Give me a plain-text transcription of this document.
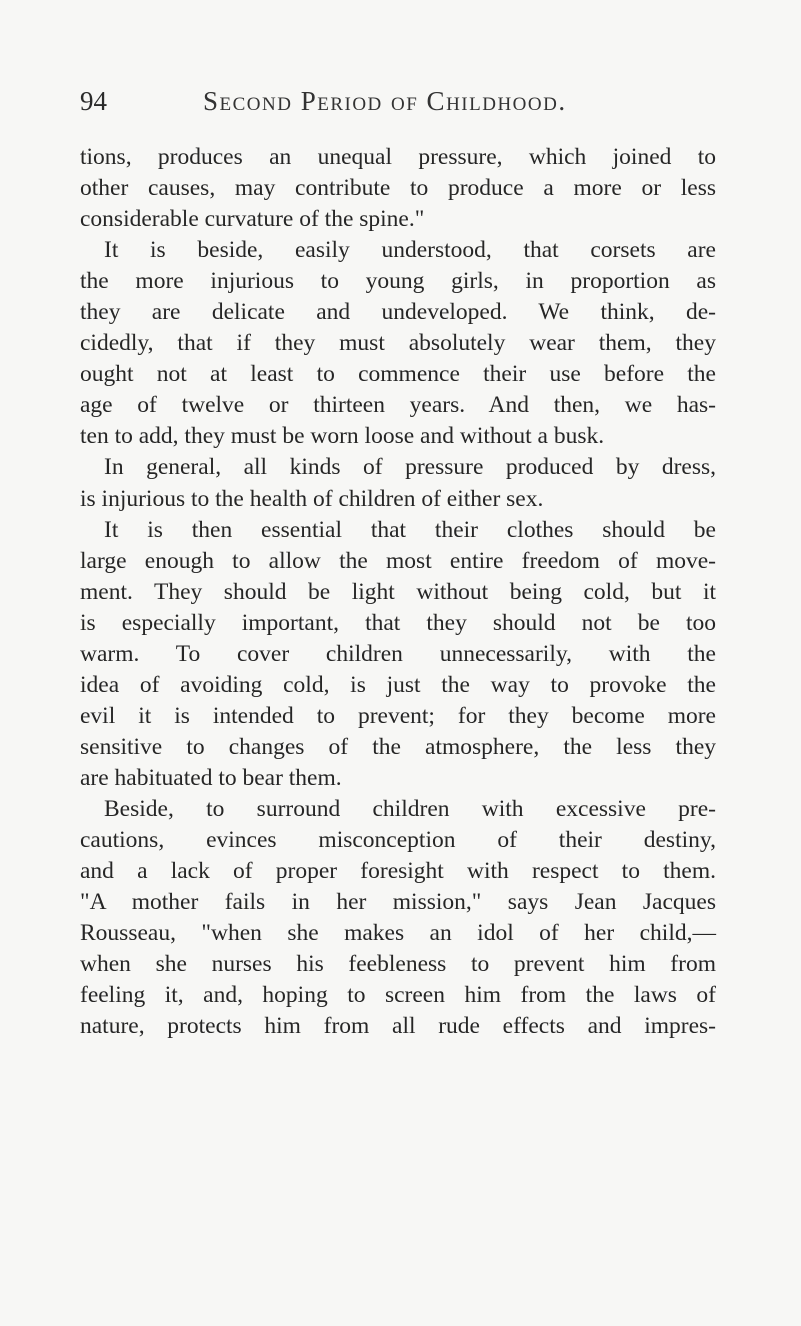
94	Second Period of Childhood.
tions, produces an unequal pressure, which joined to
other causes, may contribute to produce a more or less
considerable curvature of the spine."
It is beside, easily understood, that corsets are
the more injurious to young girls, in proportion as
they are delicate and undeveloped. We think, de-
cidedly, that if they must absolutely wear them, they
ought not at least to commence their use before the
age of twelve or thirteen years. And then, we has-
ten to add, they must be worn loose and without a busk.
In general, all kinds of pressure produced by dress,
is injurious to the health of children of either sex.
It is then essential that their clothes should be
large enough to allow the most entire freedom of move-
ment. They should be light without being cold, but it
is especially important, that they should not be too
warm. To cover children unnecessarily, with the
idea of avoiding cold, is just the way to provoke the
evil it is intended to prevent; for they become more
sensitive to changes of the atmosphere, the less they
are habituated to bear them.
Beside, to surround children with excessive pre-
cautions, evinces misconception of their destiny,
and a lack of proper foresight with respect to them.
"A mother fails in her mission," says Jean Jacques
Rousseau, "when she makes an idol of her child,—
when she nurses his feebleness to prevent him from
feeling it, and, hoping to screen him from the laws of
nature, protects him from all rude effects and impres-
